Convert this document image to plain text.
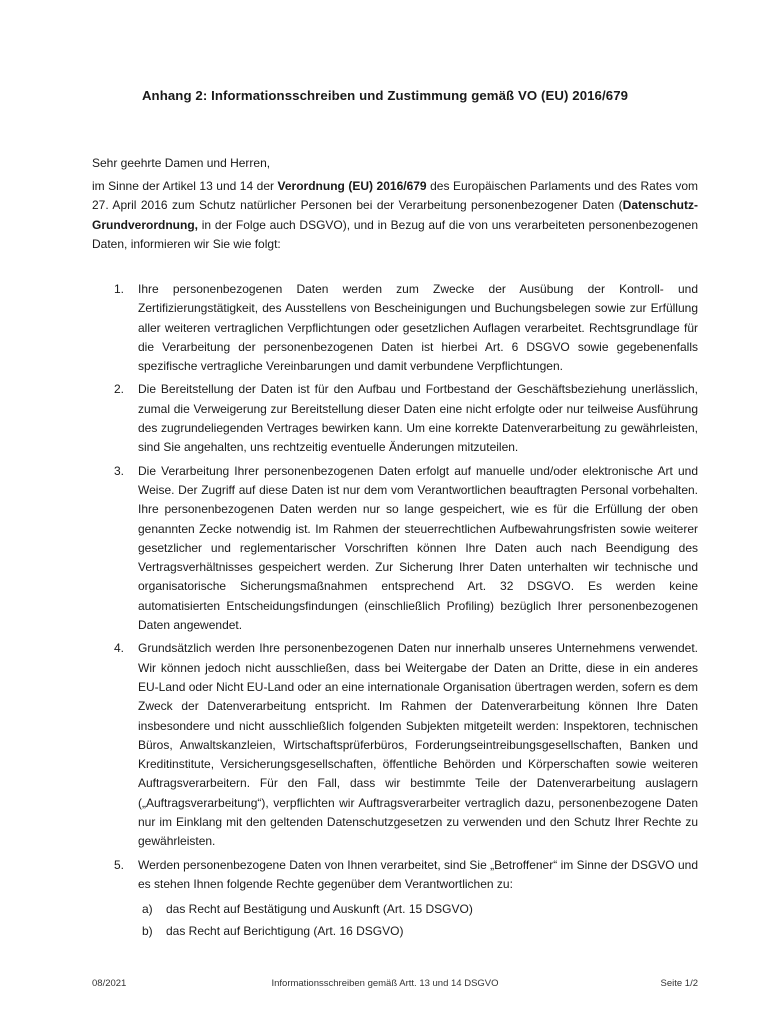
Anhang 2: Informationsschreiben und Zustimmung gemäß VO (EU) 2016/679
Sehr geehrte Damen und Herren,

im Sinne der Artikel 13 und 14 der Verordnung (EU) 2016/679 des Europäischen Parlaments und des Rates vom 27. April 2016 zum Schutz natürlicher Personen bei der Verarbeitung personenbezogener Daten (Datenschutz-Grundverordnung, in der Folge auch DSGVO), und in Bezug auf die von uns verarbeiteten personenbezogenen Daten, informieren wir Sie wie folgt:

1. Ihre personenbezogenen Daten werden zum Zwecke der Ausübung der Kontroll- und Zertifizierungstätigkeit, des Ausstellens von Bescheinigungen und Buchungsbelegen sowie zur Erfüllung aller weiteren vertraglichen Verpflichtungen oder gesetzlichen Auflagen verarbeitet. Rechtsgrundlage für die Verarbeitung der personenbezogenen Daten ist hierbei Art. 6 DSGVO sowie gegebenenfalls spezifische vertragliche Vereinbarungen und damit verbundene Verpflichtungen.
2. Die Bereitstellung der Daten ist für den Aufbau und Fortbestand der Geschäftsbeziehung unerlässlich, zumal die Verweigerung zur Bereitstellung dieser Daten eine nicht erfolgte oder nur teilweise Ausführung des zugrundeliegenden Vertrages bewirken kann. Um eine korrekte Datenverarbeitung zu gewährleisten, sind Sie angehalten, uns rechtzeitig eventuelle Änderungen mitzuteilen.
3. Die Verarbeitung Ihrer personenbezogenen Daten erfolgt auf manuelle und/oder elektronische Art und Weise. Der Zugriff auf diese Daten ist nur dem vom Verantwortlichen beauftragten Personal vorbehalten. Ihre personenbezogenen Daten werden nur so lange gespeichert, wie es für die Erfüllung der oben genannten Zecke notwendig ist. Im Rahmen der steuerrechtlichen Aufbewahrungsfristen sowie weiterer gesetzlicher und reglementarischer Vorschriften können Ihre Daten auch nach Beendigung des Vertragsverhältnisses gespeichert werden. Zur Sicherung Ihrer Daten unterhalten wir technische und organisatorische Sicherungsmaßnahmen entsprechend Art. 32 DSGVO. Es werden keine automatisierten Entscheidungsfindungen (einschließlich Profiling) bezüglich Ihrer personenbezogenen Daten angewendet.
4. Grundsätzlich werden Ihre personenbezogenen Daten nur innerhalb unseres Unternehmens verwendet. Wir können jedoch nicht ausschließen, dass bei Weitergabe der Daten an Dritte, diese in ein anderes EU-Land oder Nicht EU-Land oder an eine internationale Organisation übertragen werden, sofern es dem Zweck der Datenverarbeitung entspricht. Im Rahmen der Datenverarbeitung können Ihre Daten insbesondere und nicht ausschließlich folgenden Subjekten mitgeteilt werden: Inspektoren, technischen Büros, Anwaltskanzleien, Wirtschaftsprüferbüros, Forderungseintreibungsgesellschaften, Banken und Kreditinstitute, Versicherungsgesellschaften, öffentliche Behörden und Körperschaften sowie weiteren Auftragsverarbeitern. Für den Fall, dass wir bestimmte Teile der Datenverarbeitung auslagern („Auftragsverarbeitung“), verpflichten wir Auftragsverarbeiter vertraglich dazu, personenbezogene Daten nur im Einklang mit den geltenden Datenschutzgesetzen zu verwenden und den Schutz Ihrer Rechte zu gewährleisten.
5. Werden personenbezogene Daten von Ihnen verarbeitet, sind Sie „Betroffener“ im Sinne der DSGVO und es stehen Ihnen folgende Rechte gegenüber dem Verantwortlichen zu:
a) das Recht auf Bestätigung und Auskunft (Art. 15 DSGVO)
b) das Recht auf Berichtigung (Art. 16 DSGVO)
08/2021	Informationsschreiben gemäß Artt. 13 und 14 DSGVO	Seite 1/2
